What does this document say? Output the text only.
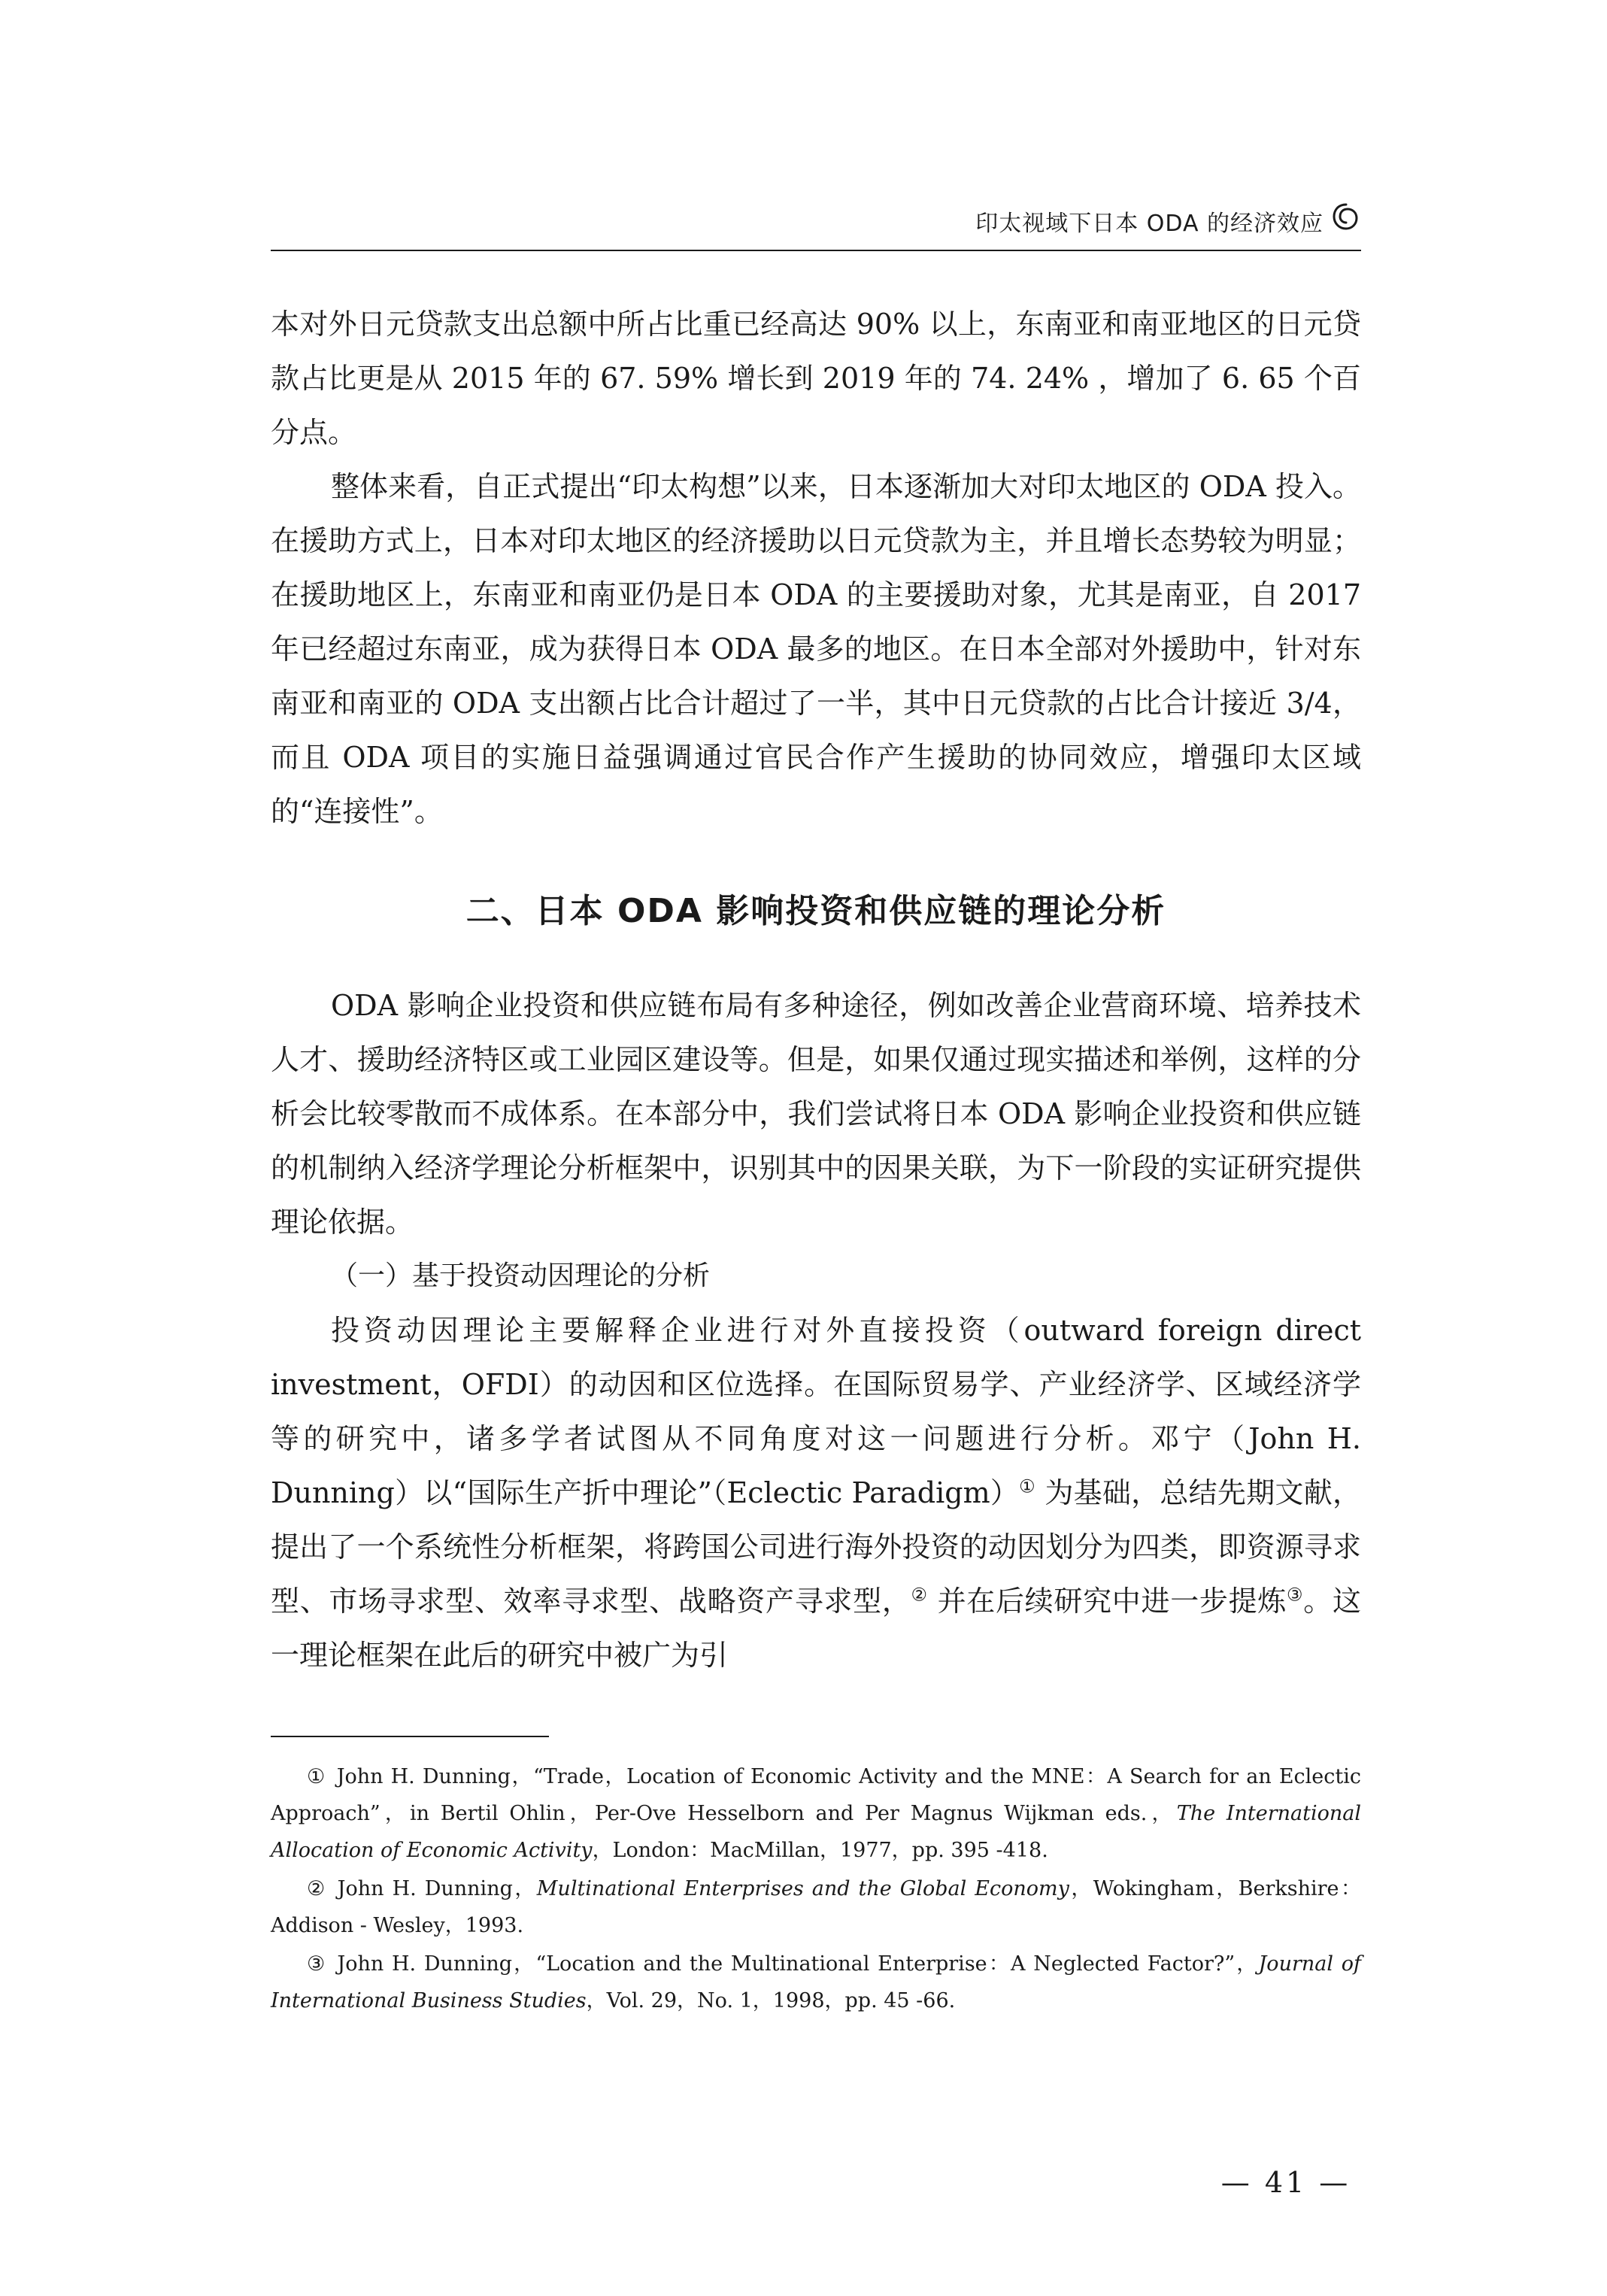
印太视域下日本 ODA 的经济效应

本对外日元贷款支出总额中所占比重已经高达 90% 以上，东南亚和南亚地区的日元贷款占比更是从 2015 年的 67. 59% 增长到 2019 年的 74. 24% ，增加了 6. 65 个百分点。

整体来看，自正式提出“印太构想”以来，日本逐渐加大对印太地区的 ODA 投入。在援助方式上，日本对印太地区的经济援助以日元贷款为主，并且增长态势较为明显；在援助地区上，东南亚和南亚仍是日本 ODA 的主要援助对象，尤其是南亚，自 2017 年已经超过东南亚，成为获得日本 ODA 最多的地区。在日本全部对外援助中，针对东南亚和南亚的 ODA 支出额占比合计超过了一半，其中日元贷款的占比合计接近 3/4，而且 ODA 项目的实施日益强调通过官民合作产生援助的协同效应，增强印太区域的“连接性”。

二、日本 ODA 影响投资和供应链的理论分析

ODA 影响企业投资和供应链布局有多种途径，例如改善企业营商环境、培养技术人才、援助经济特区或工业园区建设等。但是，如果仅通过现实描述和举例，这样的分析会比较零散而不成体系。在本部分中，我们尝试将日本 ODA 影响企业投资和供应链的机制纳入经济学理论分析框架中，识别其中的因果关联，为下一阶段的实证研究提供理论依据。

（一）基于投资动因理论的分析

投资动因理论主要解释企业进行对外直接投资（outward foreign direct investment，OFDI）的动因和区位选择。在国际贸易学、产业经济学、区域经济学等的研究中，诸多学者试图从不同角度对这一问题进行分析。邓宁（John H. Dunning）以“国际生产折中理论”（Eclectic Paradigm）① 为基础，总结先期文献，提出了一个系统性分析框架，将跨国公司进行海外投资的动因划分为四类，即资源寻求型、市场寻求型、效率寻求型、战略资产寻求型，② 并在后续研究中进一步提炼③。这一理论框架在此后的研究中被广为引

① John H. Dunning，“Trade，Location of Economic Activity and the MNE：A Search for an Eclectic Approach”，in Bertil Ohlin，Per-Ove Hesselborn and Per Magnus Wijkman eds.，The International Allocation of Economic Activity，London：MacMillan，1977，pp. 395 -418.
② John H. Dunning，Multinational Enterprises and the Global Economy，Wokingham，Berkshire：Addison - Wesley，1993.
③ John H. Dunning，“Location and the Multinational Enterprise：A Neglected Factor?”，Journal of International Business Studies，Vol. 29，No. 1，1998，pp. 45 -66.
— 41 —
